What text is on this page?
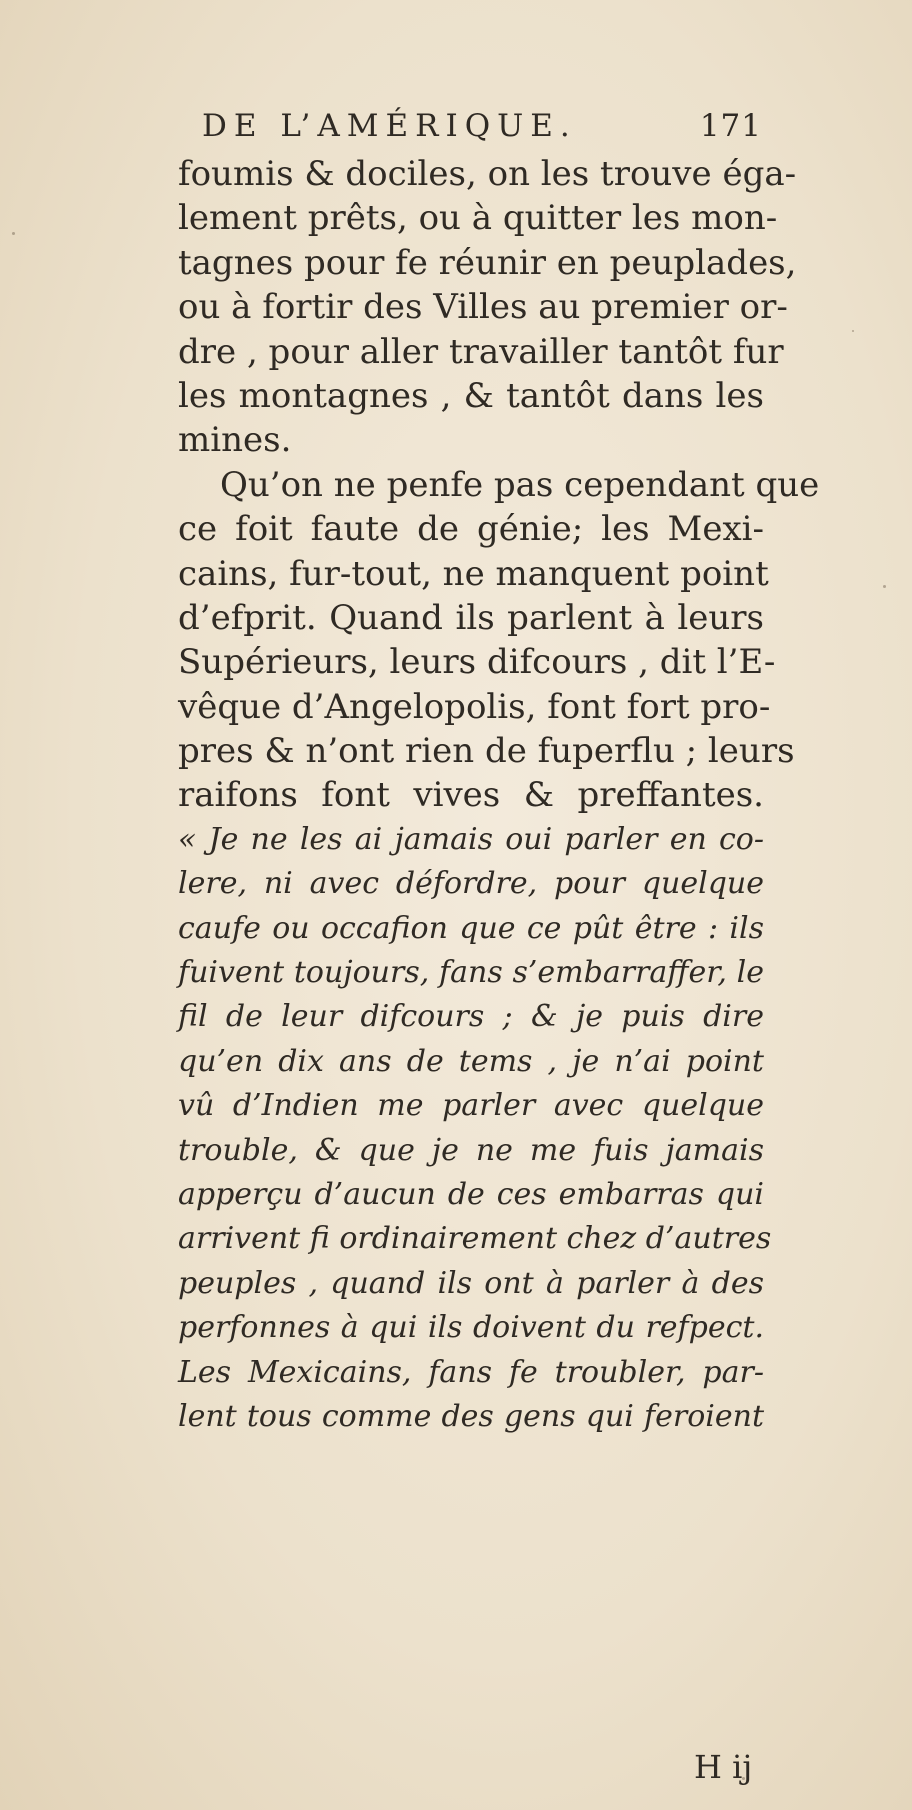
DE L’AMÉRIQUE.	171
foumis & dociles, on les trouve éga-
lement prêts, ou à quitter les mon-
tagnes pour fe réunir en peuplades,
ou à fortir des Villes au premier or-
dre , pour aller travailler tantôt fur
les montagnes , & tantôt dans les
mines.
Qu’on ne penfe pas cependant que
ce foit faute de génie; les Mexi-
cains, fur-tout, ne manquent point
d’efprit. Quand ils parlent à leurs
Supérieurs, leurs difcours , dit l’E-
vêque d’Angelopolis, font fort pro-
pres & n’ont rien de fuperflu ; leurs
raifons font vives & preffantes.
« Je ne les ai jamais oui parler en co-
lere, ni avec défordre, pour quelque
caufe ou occafion que ce pût être : ils
fuivent toujours, fans s’embarraffer, le
fil de leur difcours ; & je puis dire
qu’en dix ans de tems , je n’ai point
vû d’Indien me parler avec quelque
trouble, & que je ne me fuis jamais
apperçu d’aucun de ces embarras qui
arrivent fi ordinairement chez d’autres
peuples , quand ils ont à parler à des
perfonnes à qui ils doivent du refpect.
Les Mexicains, fans fe troubler, par-
lent tous comme des gens qui feroient
H ij
